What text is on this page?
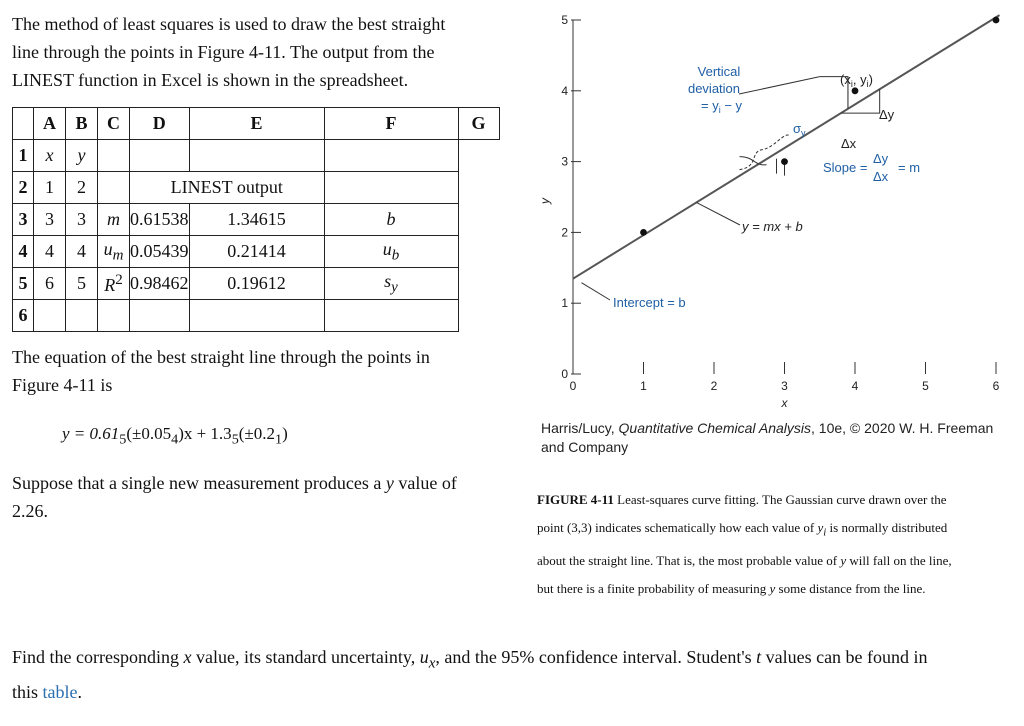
The method of least squares is used to draw the best straight
line through the points in Figure 4-11. The output from the
LINEST function in Excel is shown in the spreadsheet.
	A	B	C	D	E	F	G
1	x	y					
2	1	2		LINEST output			
3	3	3	m	0.61538	1.34615	b	
4	4	4	$u_m$	0.05439	0.21414	$u_b$
5	6	5	$R^2$	0.98462	0.19612	$s_y$
6							
The equation of the best straight line through the points in
Figure 4-11 is
$y = 0.61_5(\pm 0.05_4)x + 1.3_5(\pm 0.2_1)$
Suppose that a single new measurement produces a y value of
2.26.
0
1
2
3
4
5
0	1	2	3	4	5	6
x
y
Vertical
deviation
= $y_i - y$
($x_i$, $y_i$)
Δy
Δx
Slope =
Δy
Δx
= m
$\sigma_y$
y = mx + b
Intercept = b
Harris/Lucy, Quantitative Chemical Analysis, 10e, © 2020 W. H. Freeman
and Company
FIGURE 4-11 Least-squares curve fitting. The Gaussian curve drawn over the
point (3,3) indicates schematically how each value of $y_i$ is normally distributed
about the straight line. That is, the most probable value of y will fall on the line,
but there is a finite probability of measuring y some distance from the line.
Find the corresponding x value, its standard uncertainty, $u_x$, and the 95% confidence interval. Student's t values can be found in
this table.
